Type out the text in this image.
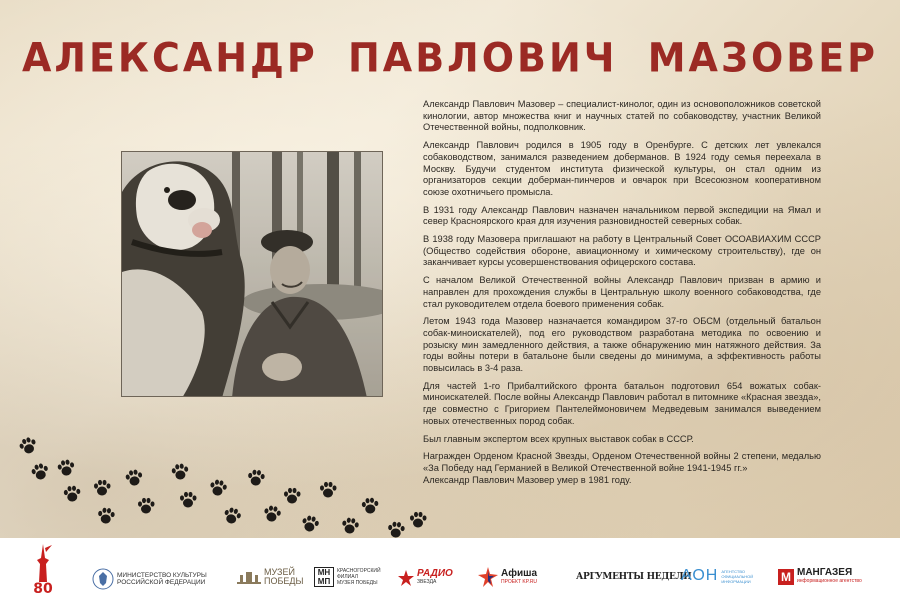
АЛЕКСАНДР ПАВЛОВИЧ МАЗОВЕР

Александр Павлович Мазовер – специалист-кинолог, один из основоположников советской кинологии, автор множества книг и научных статей по собаководству, участник Великой Отечественной войны, подполковник.

Александр Павлович родился в 1905 году в Оренбурге. С детских лет увлекался собаководством, занимался разведением доберманов. В 1924 году семья переехала в Москву. Будучи студентом института физической культуры, он стал одним из организаторов секции доберман-пинчеров и овчарок при Всесоюзном кооперативном союзе охотничьего промысла.

В 1931 году Александр Павлович назначен начальником первой экспедиции на Ямал и север Красноярского края для изучения разновидностей северных собак.

В 1938 году Мазовера приглашают на работу в Центральный Совет ОСОАВИАХИМ СССР (Общество содействия обороне, авиационному и химическому строительству), где он заканчивает курсы усовершенствования офицерского состава.

С началом Великой Отечественной войны Александр Павлович призван в армию и направлен для прохождения службы в Центральную школу военного собаководства, где стал руководителем отдела боевого применения собак.

Летом 1943 года Мазовер назначается командиром 37-го ОБСМ (отдельный батальон собак-миноискателей), под его руководством разработана методика по освоению и розыску мин замедленного действия, а также обнаружению мин натяжного действия. За годы войны потери в батальоне были сведены до минимума, а эффективность работы повысилась в 3-4 раза.

Для частей 1-го Прибалтийского фронта батальон подготовил 654 вожатых собак-миноискателей. После войны Александр Павлович работал в питомнике «Красная звезда», где совместно с Григорием Пантелеймоновичем Медведевым занимался выведением новых отечественных пород собак.

Был главным экспертом всех крупных выставок собак в СССР.

Награжден Орденом Красной Звезды, Орденом Отечественной войны 2 степени, медалью «За Победу над Германией в Великой Отечественной войне 1941-1945 гг.»

Александр Павлович Мазовер умер в 1981 году.

80
МИНИСТЕРСТВО КУЛЬТУРЫ
РОССИЙСКОЙ ФЕДЕРАЦИИ
МУЗЕЙ
ПОБЕДЫ
МН МП
КРАСНОГОРСКИЙ
ФИЛИАЛ
МУЗЕЯ ПОБЕДЫ
РАДИО
ЗВЕЗДА
Афиша
ПРОЕКТ KP.RU	АРГУМЕНТЫ НЕДЕЛИ
АОН АГЕНТСТВО ОФИЦИАЛЬНОЙ ИНФОРМАЦИИ	M МАНГАЗЕЯ
информационное агентство
